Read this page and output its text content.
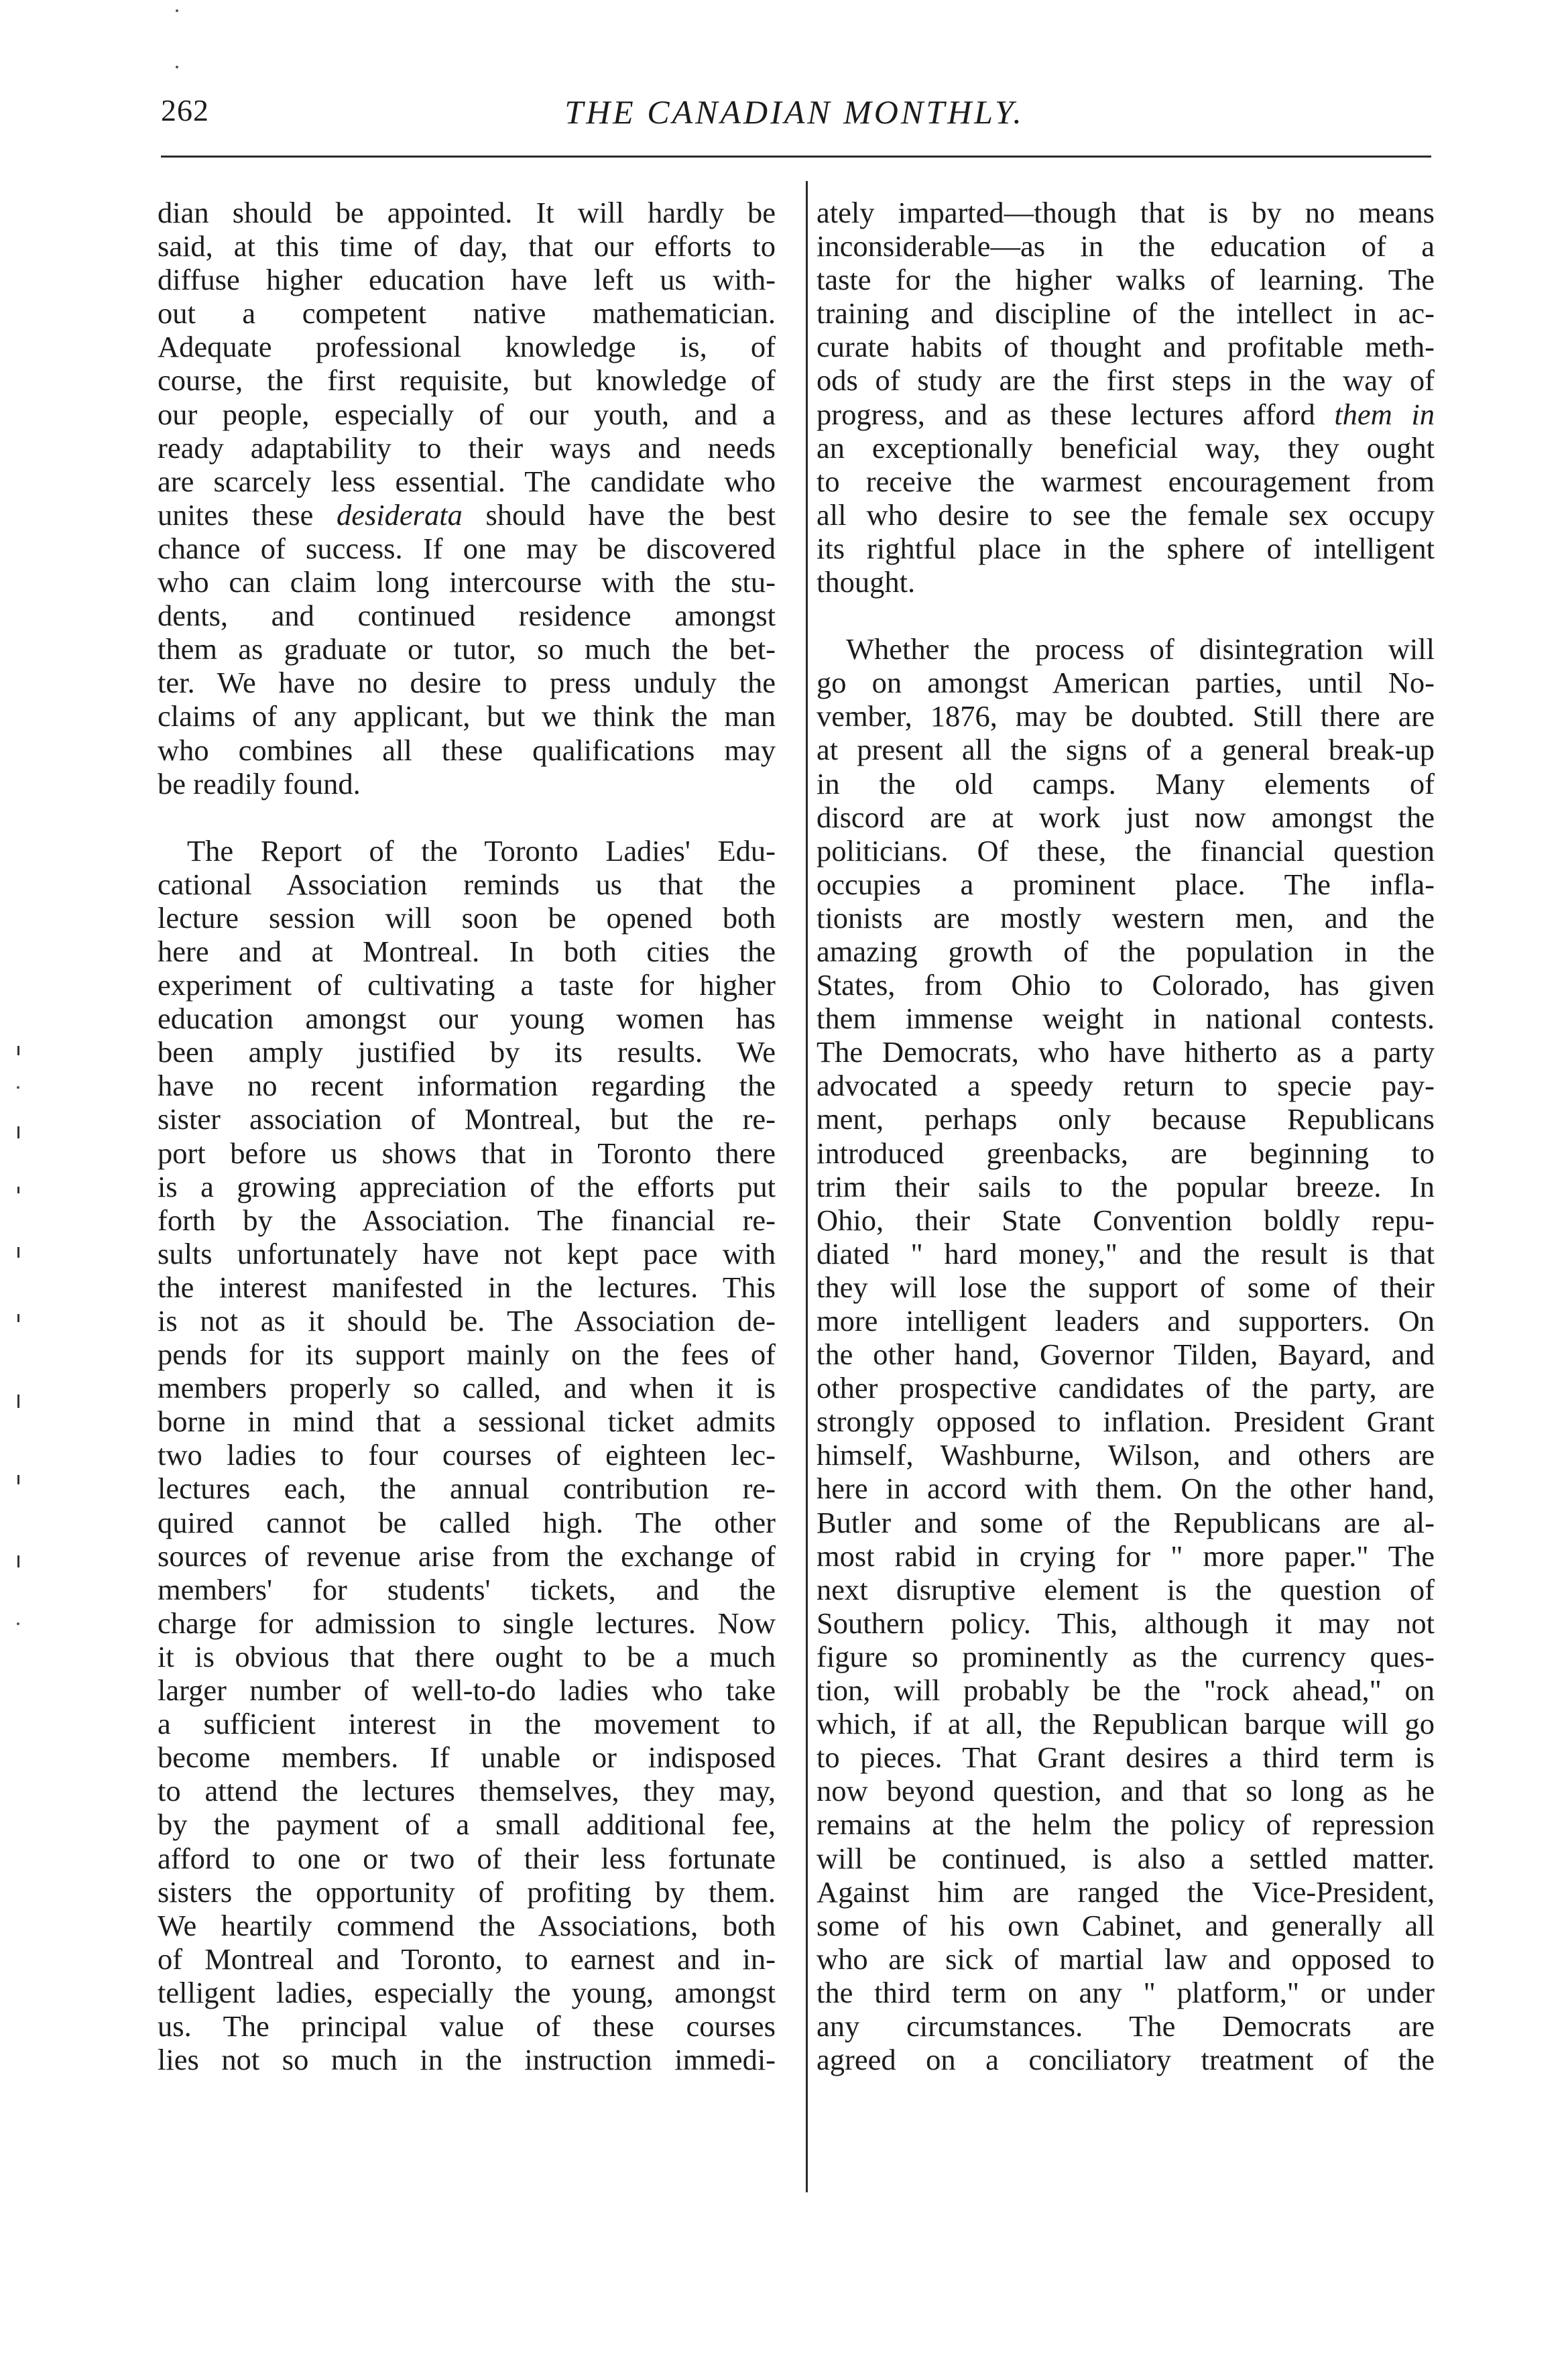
262	THE CANADIAN MONTHLY.
dian should be appointed. It will hardly be
said, at this time of day, that our efforts to
diffuse higher education have left us with-
out a competent native mathematician.
Adequate professional knowledge is, of
course, the first requisite, but knowledge of
our people, especially of our youth, and a
ready adaptability to their ways and needs
are scarcely less essential. The candidate who
unites these desiderata should have the best
chance of success. If one may be discovered
who can claim long intercourse with the stu-
dents, and continued residence amongst
them as graduate or tutor, so much the bet-
ter. We have no desire to press unduly the
claims of any applicant, but we think the man
who combines all these qualifications may
be readily found.
The Report of the Toronto Ladies' Edu-
cational Association reminds us that the
lecture session will soon be opened both
here and at Montreal. In both cities the
experiment of cultivating a taste for higher
education amongst our young women has
been amply justified by its results. We
have no recent information regarding the
sister association of Montreal, but the re-
port before us shows that in Toronto there
is a growing appreciation of the efforts put
forth by the Association. The financial re-
sults unfortunately have not kept pace with
the interest manifested in the lectures. This
is not as it should be. The Association de-
pends for its support mainly on the fees of
members properly so called, and when it is
borne in mind that a sessional ticket admits
two ladies to four courses of eighteen lec-
lectures each, the annual contribution re-
quired cannot be called high. The other
sources of revenue arise from the exchange of
members' for students' tickets, and the
charge for admission to single lectures. Now
it is obvious that there ought to be a much
larger number of well-to-do ladies who take
a sufficient interest in the movement to
become members. If unable or indisposed
to attend the lectures themselves, they may,
by the payment of a small additional fee,
afford to one or two of their less fortunate
sisters the opportunity of profiting by them.
We heartily commend the Associations, both
of Montreal and Toronto, to earnest and in-
telligent ladies, especially the young, amongst
us. The principal value of these courses
lies not so much in the instruction immedi-
ately imparted—though that is by no means
inconsiderable—as in the education of a
taste for the higher walks of learning. The
training and discipline of the intellect in ac-
curate habits of thought and profitable meth-
ods of study are the first steps in the way of
progress, and as these lectures afford them in
an exceptionally beneficial way, they ought
to receive the warmest encouragement from
all who desire to see the female sex occupy
its rightful place in the sphere of intelligent
thought.
Whether the process of disintegration will
go on amongst American parties, until No-
vember, 1876, may be doubted. Still there are
at present all the signs of a general break-up
in the old camps. Many elements of
discord are at work just now amongst the
politicians. Of these, the financial question
occupies a prominent place. The infla-
tionists are mostly western men, and the
amazing growth of the population in the
States, from Ohio to Colorado, has given
them immense weight in national contests.
The Democrats, who have hitherto as a party
advocated a speedy return to specie pay-
ment, perhaps only because Republicans
introduced greenbacks, are beginning to
trim their sails to the popular breeze. In
Ohio, their State Convention boldly repu-
diated " hard money," and the result is that
they will lose the support of some of their
more intelligent leaders and supporters. On
the other hand, Governor Tilden, Bayard, and
other prospective candidates of the party, are
strongly opposed to inflation. President Grant
himself, Washburne, Wilson, and others are
here in accord with them. On the other hand,
Butler and some of the Republicans are al-
most rabid in crying for " more paper." The
next disruptive element is the question of
Southern policy. This, although it may not
figure so prominently as the currency ques-
tion, will probably be the "rock ahead," on
which, if at all, the Republican barque will go
to pieces. That Grant desires a third term is
now beyond question, and that so long as he
remains at the helm the policy of repression
will be continued, is also a settled matter.
Against him are ranged the Vice-President,
some of his own Cabinet, and generally all
who are sick of martial law and opposed to
the third term on any " platform," or under
any circumstances. The Democrats are
agreed on a conciliatory treatment of the
